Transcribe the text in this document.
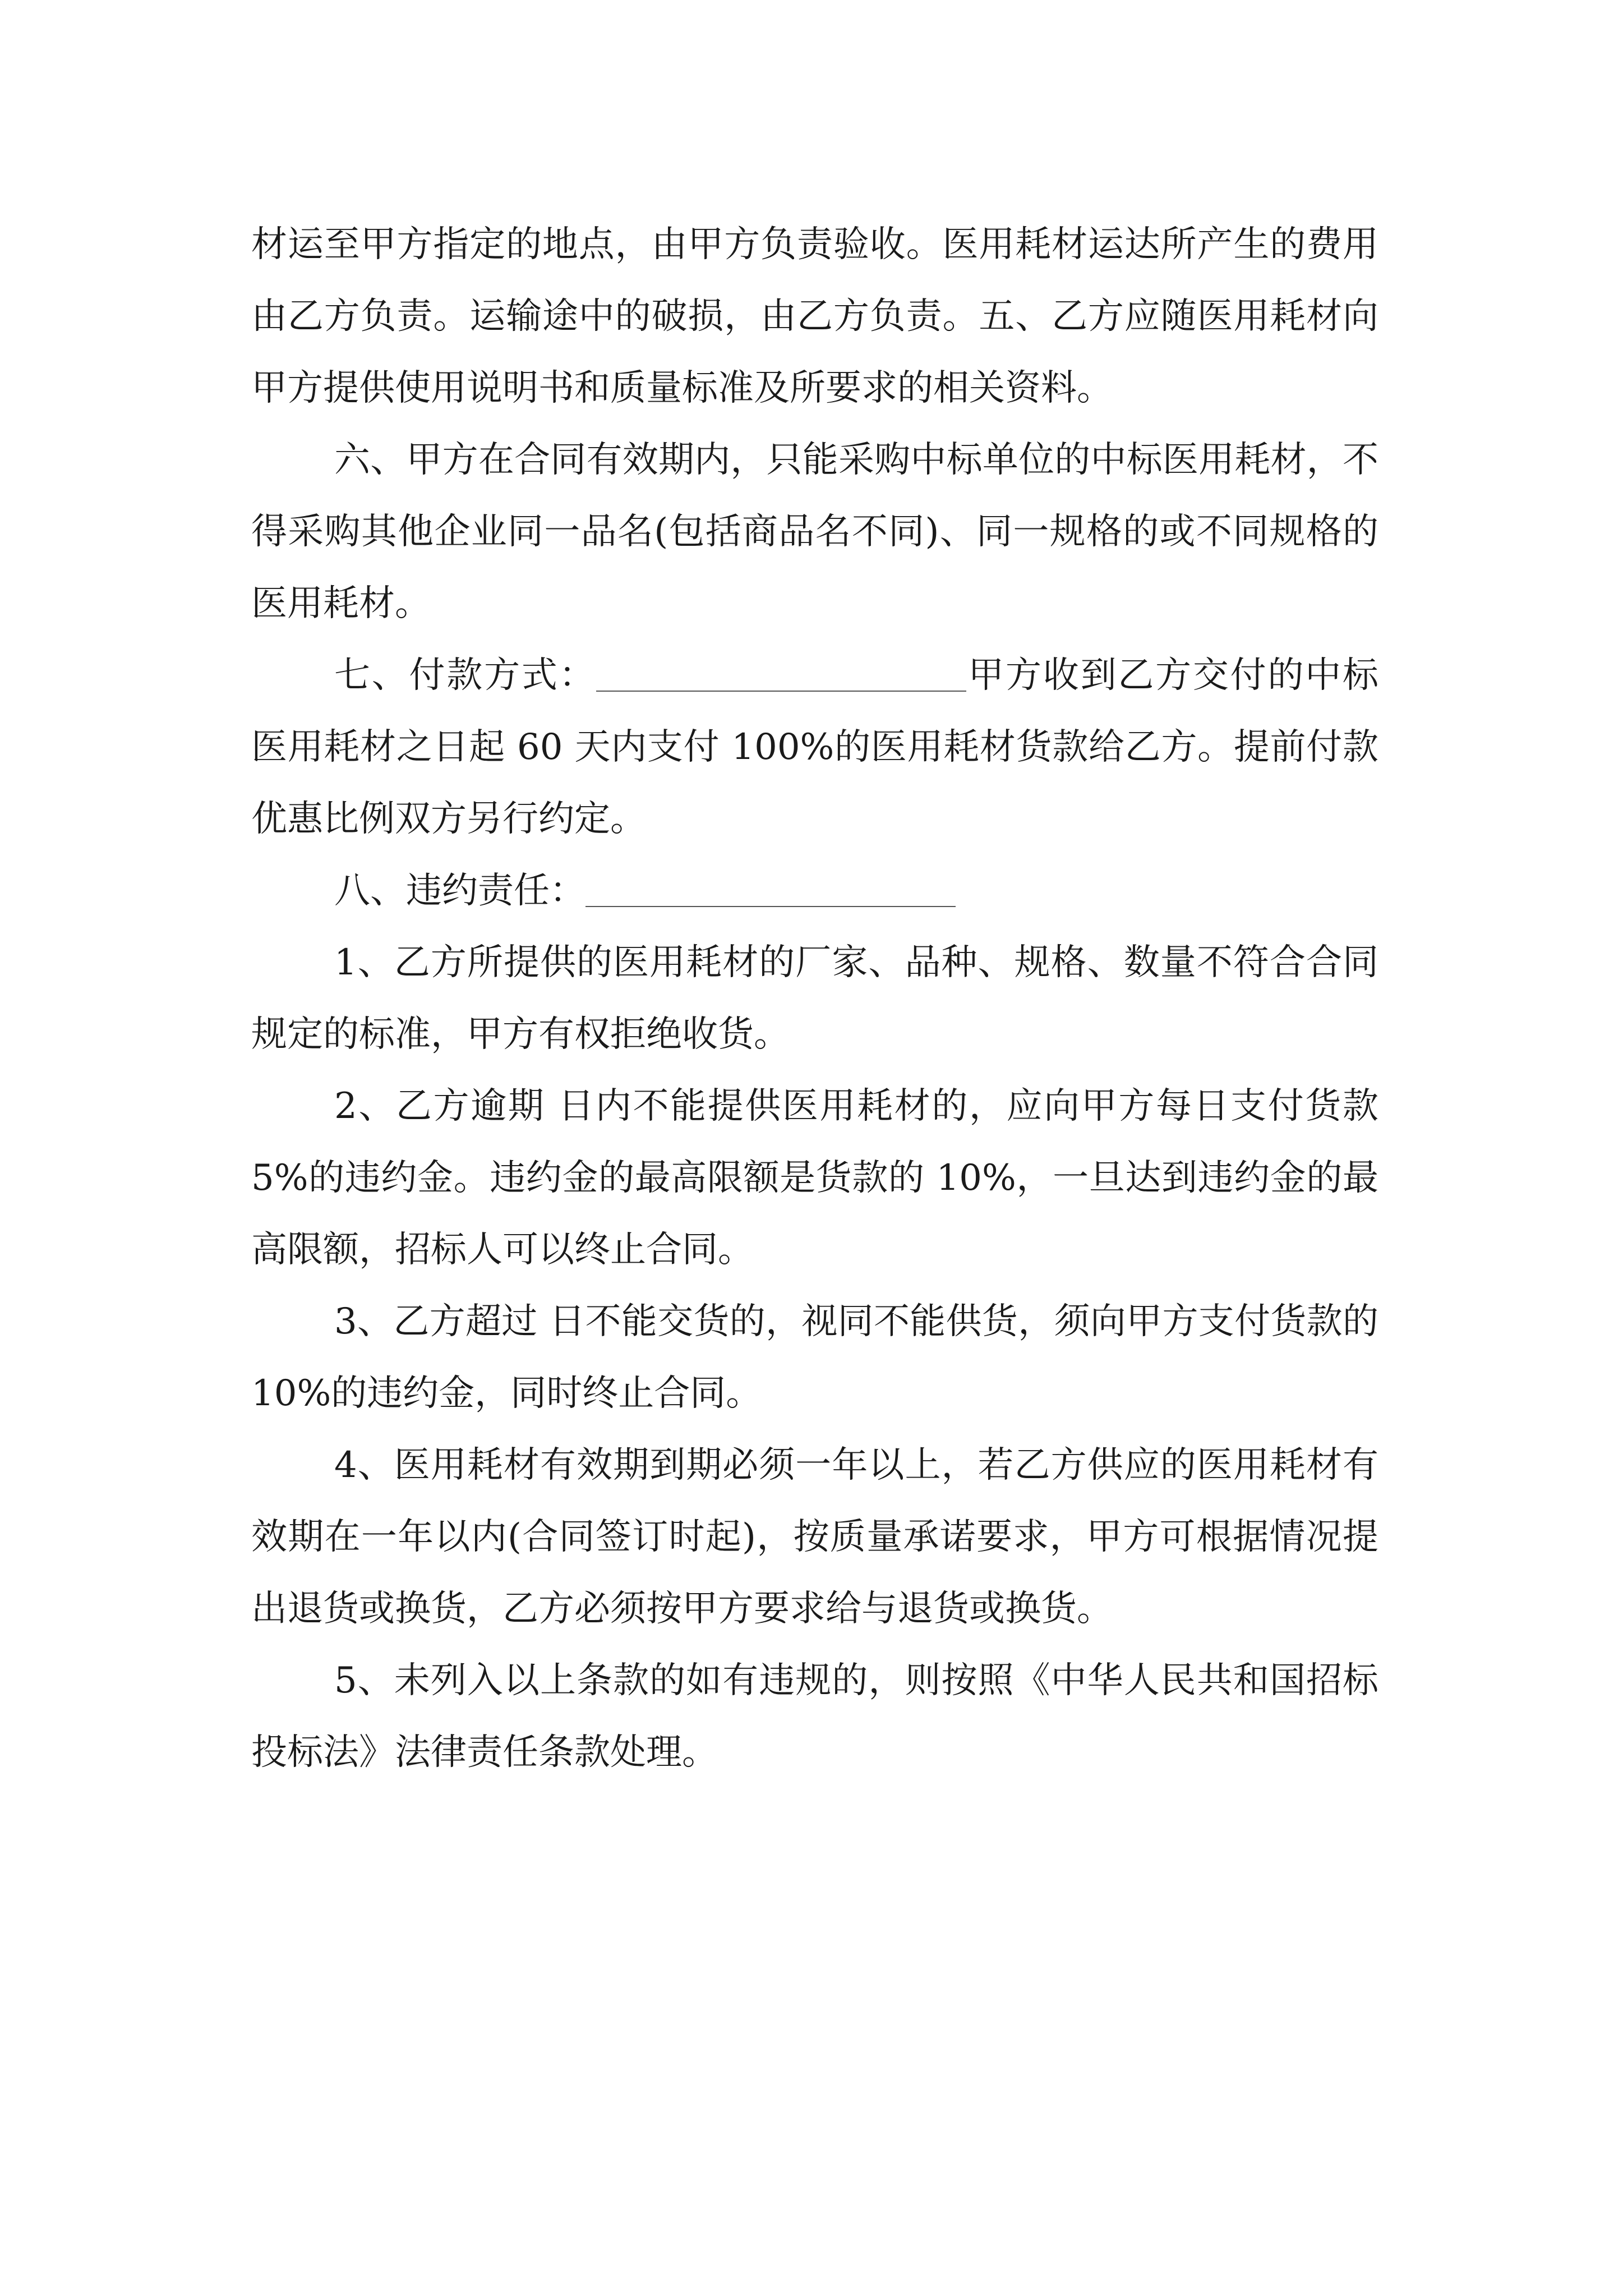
材运至甲方指定的地点，由甲方负责验收。医用耗材运达所产生的费用由乙方负责。运输途中的破损，由乙方负责。五、乙方应随医用耗材向甲方提供使用说明书和质量标准及所要求的相关资料。

六、甲方在合同有效期内，只能采购中标单位的中标医用耗材，不得采购其他企业同一品名(包括商品名不同)、同一规格的或不同规格的医用耗材。

七、付款方式：	甲方收到乙方交付的中标医用耗材之日起 60 天内支付 100%的医用耗材货款给乙方。提前付款优惠比例双方另行约定。

八、违约责任：

1、乙方所提供的医用耗材的厂家、品种、规格、数量不符合合同规定的标准，甲方有权拒绝收货。

2、乙方逾期 日内不能提供医用耗材的，应向甲方每日支付货款 5%的违约金。违约金的最高限额是货款的 10%，一旦达到违约金的最高限额，招标人可以终止合同。

3、乙方超过 日不能交货的，视同不能供货，须向甲方支付货款的 10%的违约金，同时终止合同。

4、医用耗材有效期到期必须一年以上，若乙方供应的医用耗材有效期在一年以内(合同签订时起)，按质量承诺要求，甲方可根据情况提出退货或换货，乙方必须按甲方要求给与退货或换货。

5、未列入以上条款的如有违规的，则按照《中华人民共和国招标投标法》法律责任条款处理。
